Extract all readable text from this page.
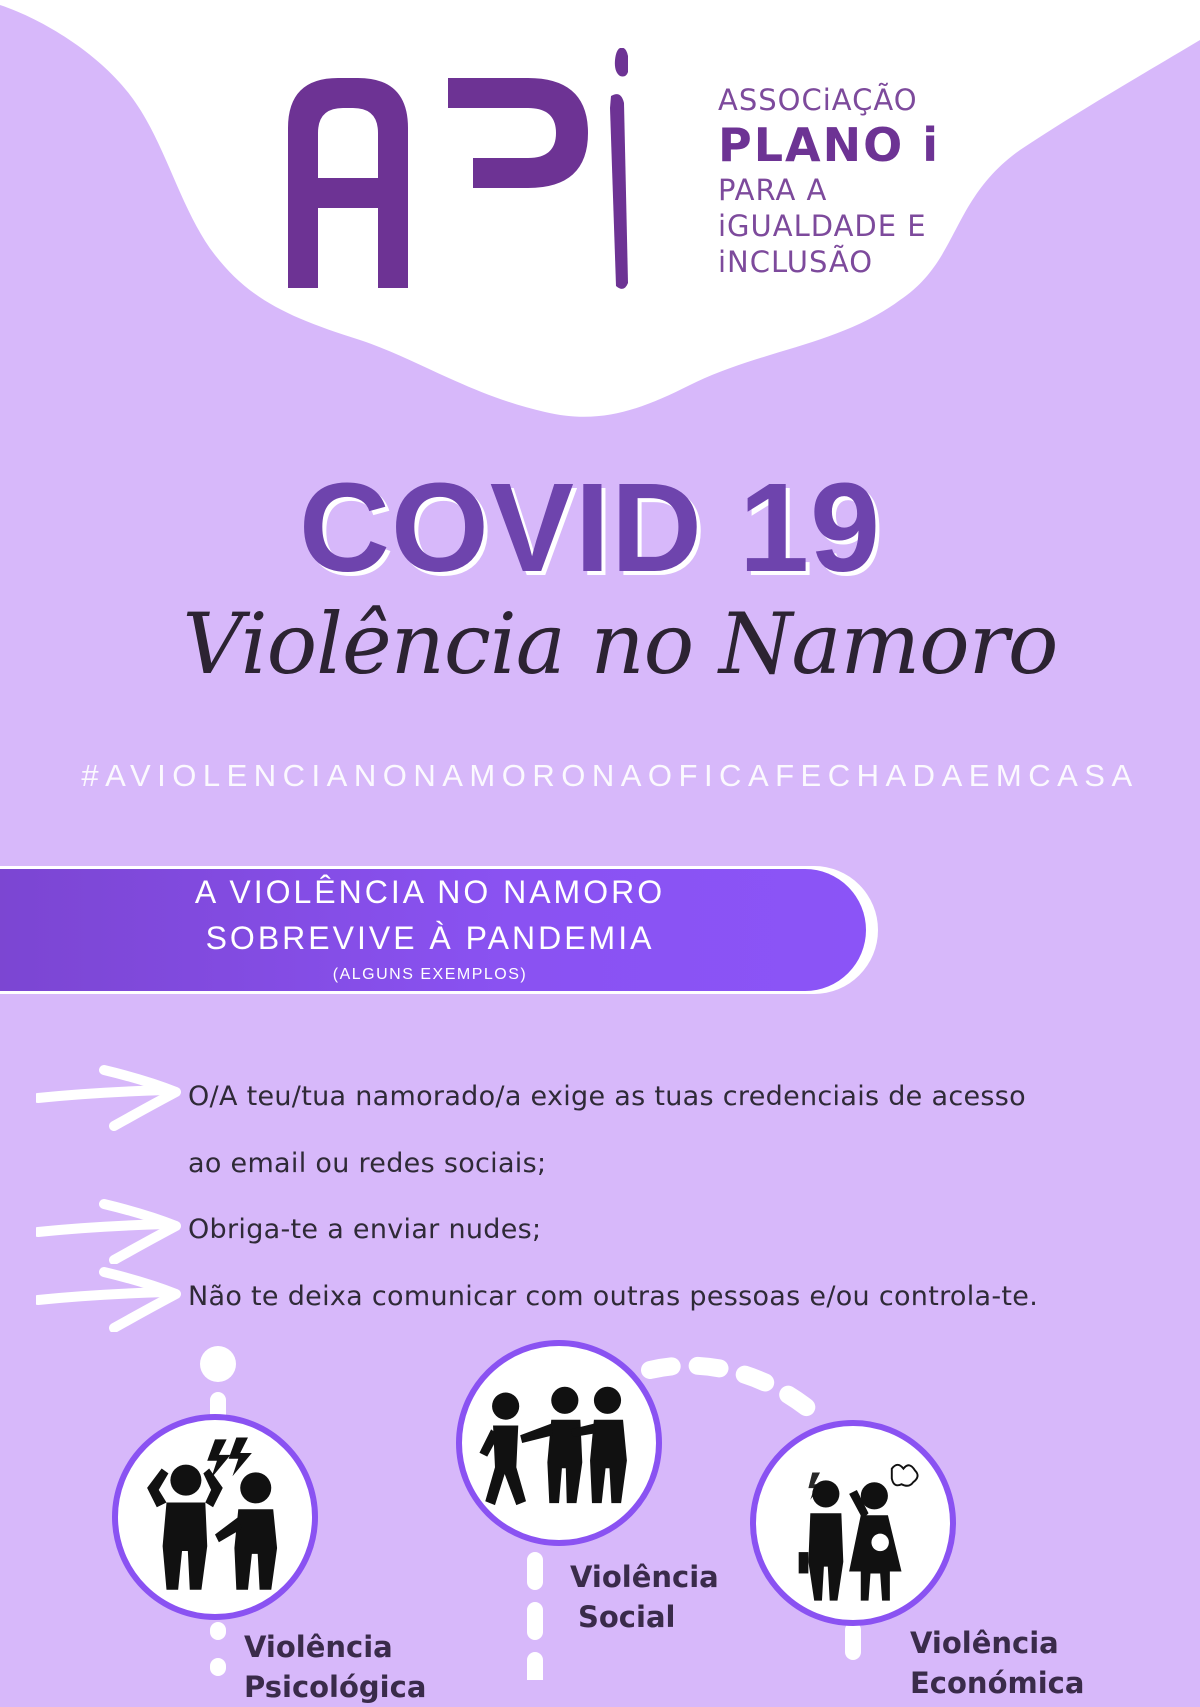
ASSOCiAÇÃO
PLANO i
PARA A
iGUALDADE E
iNCLUSÃO
COVID 19
Violência no Namoro
#AVIOLENCIANONAMORONAOFICAFECHADAEMCASA
A VIOLÊNCIA NO NAMORO
SOBREVIVE À PANDEMIA
(ALGUNS EXEMPLOS)
O/A teu/tua namorado/a exige as tuas credenciais de acesso
ao email ou redes sociais;
Obriga-te a enviar nudes;
Não te deixa comunicar com outras pessoas e/ou controla-te.
Violência
Psicológica
Violência
Social
Violência
Económica
